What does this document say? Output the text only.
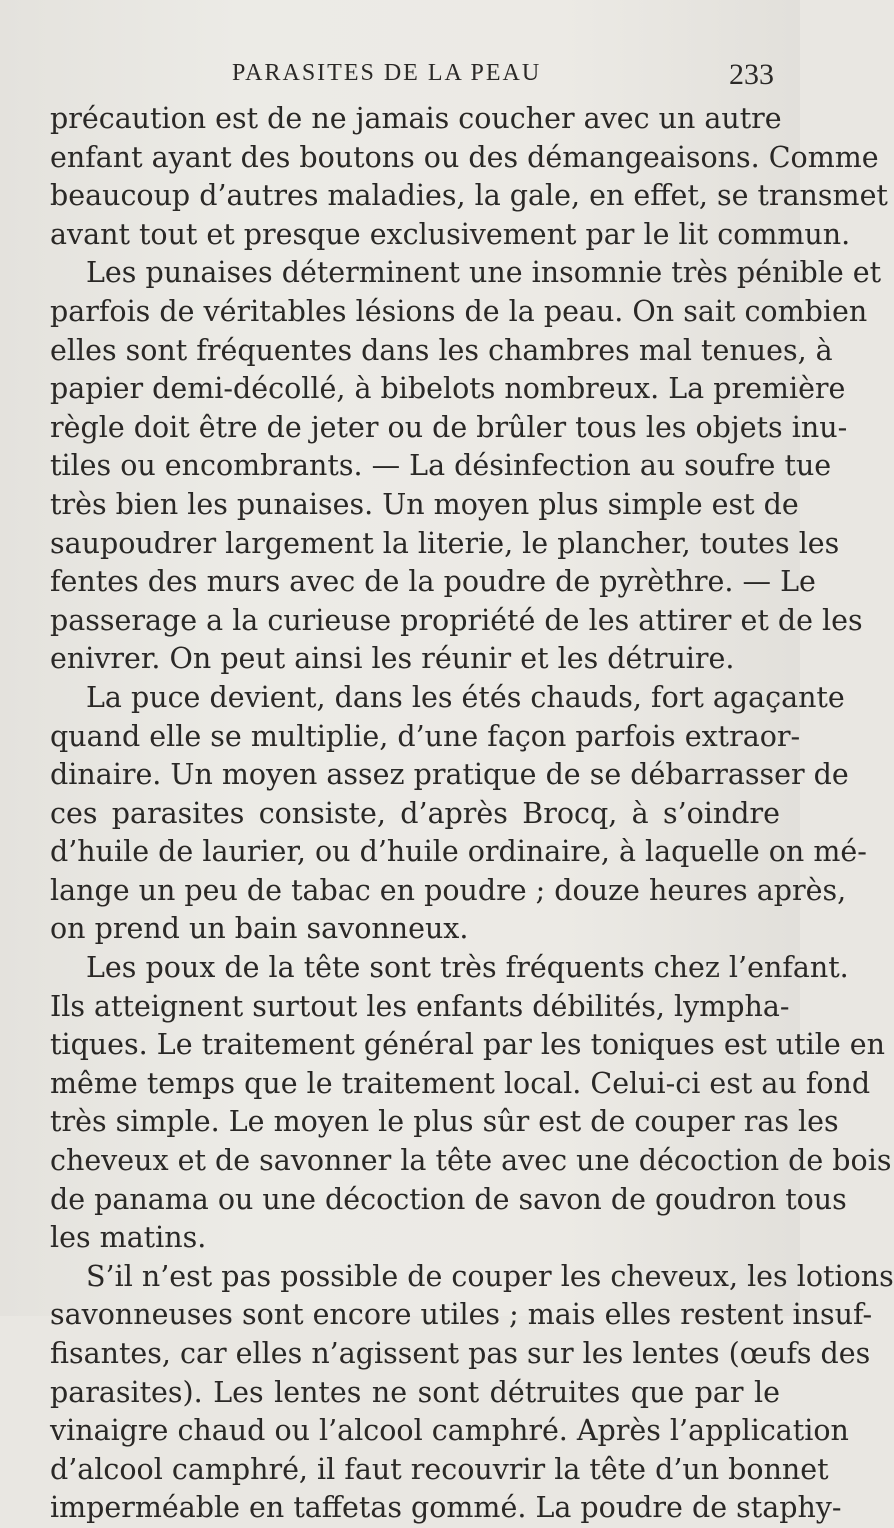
PARASITES DE LA PEAU	233
précaution est de ne jamais coucher avec un autre
enfant ayant des boutons ou des démangeaisons. Comme
beaucoup d’autres maladies, la gale, en effet, se transmet
avant tout et presque exclusivement par le lit commun.
Les punaises déterminent une insomnie très pénible et
parfois de véritables lésions de la peau. On sait combien
elles sont fréquentes dans les chambres mal tenues, à
papier demi-décollé, à bibelots nombreux. La première
règle doit être de jeter ou de brûler tous les objets inu-
tiles ou encombrants. — La désinfection au soufre tue
très bien les punaises. Un moyen plus simple est de
saupoudrer largement la literie, le plancher, toutes les
fentes des murs avec de la poudre de pyrèthre. — Le
passerage a la curieuse propriété de les attirer et de les
enivrer. On peut ainsi les réunir et les détruire.
La puce devient, dans les étés chauds, fort agaçante
quand elle se multiplie, d’une façon parfois extraor-
dinaire. Un moyen assez pratique de se débarrasser de
ces parasites consiste, d’après Brocq, à s’oindre
d’huile de laurier, ou d’huile ordinaire, à laquelle on mé-
lange un peu de tabac en poudre ; douze heures après,
on prend un bain savonneux.
Les poux de la tête sont très fréquents chez l’enfant.
Ils atteignent surtout les enfants débilités, lympha-
tiques. Le traitement général par les toniques est utile en
même temps que le traitement local. Celui-ci est au fond
très simple. Le moyen le plus sûr est de couper ras les
cheveux et de savonner la tête avec une décoction de bois
de panama ou une décoction de savon de goudron tous
les matins.
S’il n’est pas possible de couper les cheveux, les lotions
savonneuses sont encore utiles ; mais elles restent insuf-
fisantes, car elles n’agissent pas sur les lentes (œufs des
parasites). Les lentes ne sont détruites que par le
vinaigre chaud ou l’alcool camphré. Après l’application
d’alcool camphré, il faut recouvrir la tête d’un bonnet
imperméable en taffetas gommé. La poudre de staphy-
